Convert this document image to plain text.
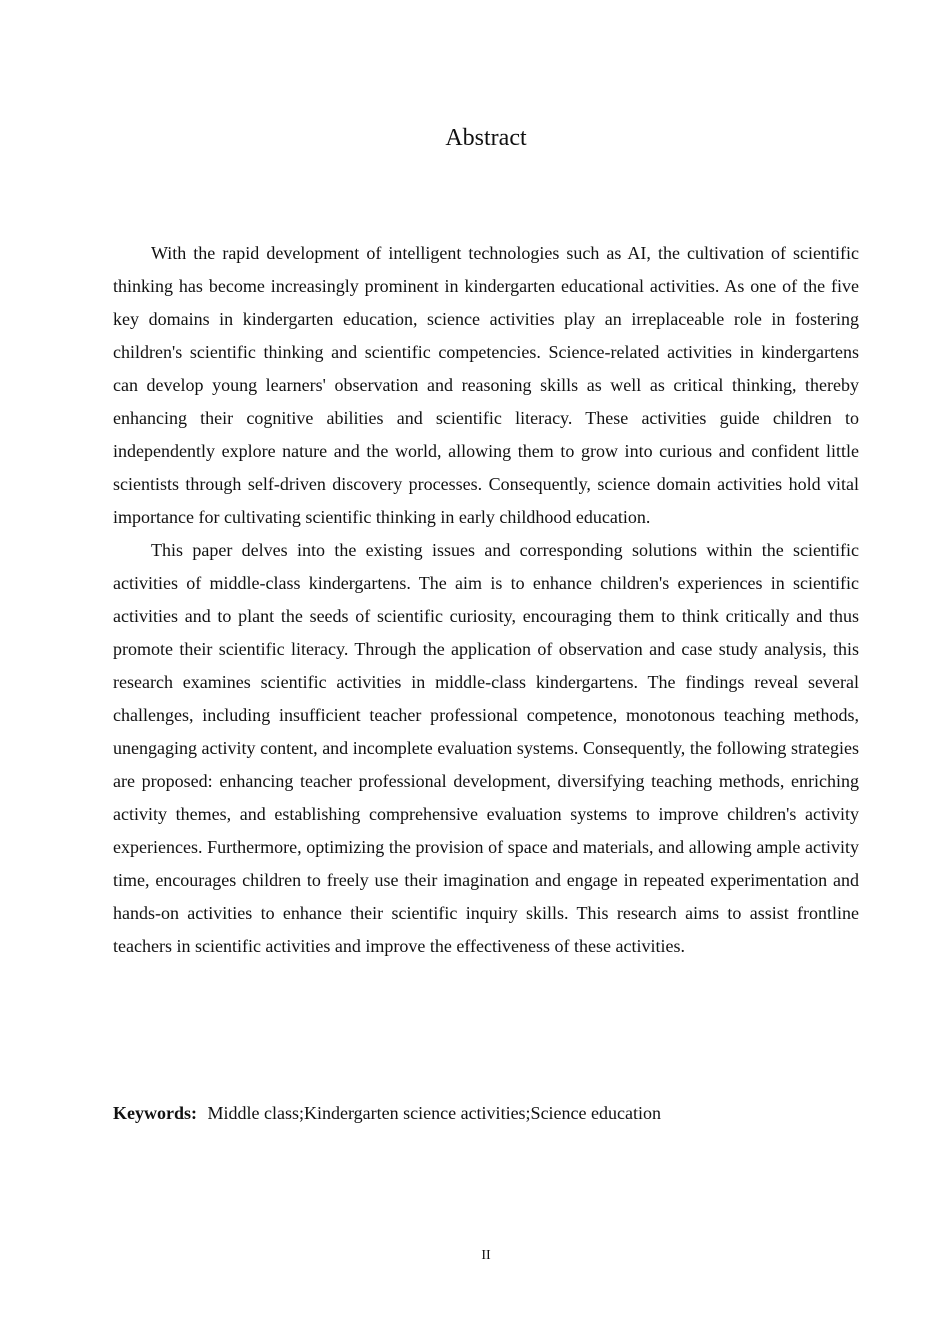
Abstract

With the rapid development of intelligent technologies such as AI, the cultivation of scientific thinking has become increasingly prominent in kindergarten educational activities. As one of the five key domains in kindergarten education, science activities play an irreplaceable role in fostering children's scientific thinking and scientific competencies. Science-related activities in kindergartens can develop young learners' observation and reasoning skills as well as critical thinking, thereby enhancing their cognitive abilities and scientific literacy. These activities guide children to independently explore nature and the world, allowing them to grow into curious and confident little scientists through self-driven discovery processes. Consequently, science domain activities hold vital importance for cultivating scientific thinking in early childhood education.

This paper delves into the existing issues and corresponding solutions within the scientific activities of middle-class kindergartens. The aim is to enhance children's experiences in scientific activities and to plant the seeds of scientific curiosity, encouraging them to think critically and thus promote their scientific literacy. Through the application of observation and case study analysis, this research examines scientific activities in middle-class kindergartens. The findings reveal several challenges, including insufficient teacher professional competence, monotonous teaching methods, unengaging activity content, and incomplete evaluation systems. Consequently, the following strategies are proposed: enhancing teacher professional development, diversifying teaching methods, enriching activity themes, and establishing comprehensive evaluation systems to improve children's activity experiences. Furthermore, optimizing the provision of space and materials, and allowing ample activity time, encourages children to freely use their imagination and engage in repeated experimentation and hands-on activities to enhance their scientific inquiry skills. This research aims to assist frontline teachers in scientific activities and improve the effectiveness of these activities.

Keywords: Middle class;Kindergarten science activities;Science education

II
